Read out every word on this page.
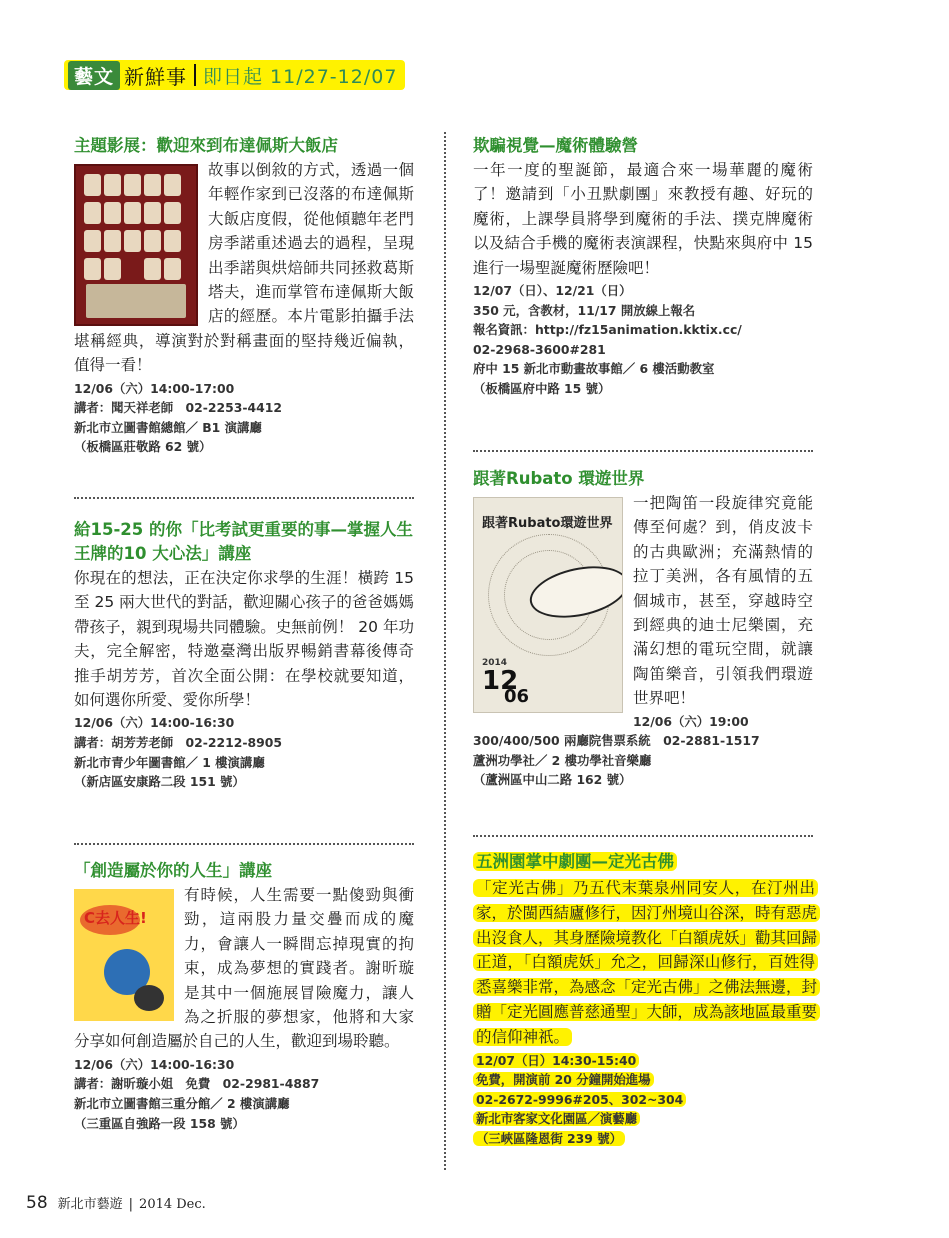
藝文 新鮮事 即日起 11/27-12/07
主題影展：歡迎來到布達佩斯大飯店

故事以倒敘的方式，透過一個年輕作家到已沒落的布達佩斯大飯店度假，從他傾聽年老門房季諾重述過去的過程，呈現出季諾與烘焙師共同拯救葛斯塔夫，進而掌管布達佩斯大飯店的經歷。本片電影拍攝手法堪稱經典，導演對於對稱畫面的堅持幾近偏執，值得一看！

12/06（六）14:00-17:00
講者：聞天祥老師　02-2253-4412
新北市立圖書館總館／ B1 演講廳
（板橋區莊敬路 62 號）
給15-25 的你「比考試更重要的事—掌握人生王牌的10 大心法」講座

你現在的想法，正在決定你求學的生涯！橫跨 15 至 25 兩大世代的對話，歡迎關心孩子的爸爸媽媽帶孩子，親到現場共同體驗。史無前例！ 20 年功夫，完全解密，特邀臺灣出版界暢銷書幕後傳奇推手胡芳芳，首次全面公開：在學校就要知道，如何選你所愛、愛你所學！

12/06（六）14:00-16:30
講者：胡芳芳老師　02-2212-8905
新北市青少年圖書館／ 1 樓演講廳
（新店區安康路二段 151 號）
「創造屬於你的人生」講座
C去人生!

有時候，人生需要一點傻勁與衝勁，這兩股力量交疊而成的魔力，會讓人一瞬間忘掉現實的拘束，成為夢想的實踐者。謝昕璇是其中一個施展冒險魔力，讓人為之折服的夢想家，他將和大家分享如何創造屬於自己的人生，歡迎到場聆聽。

12/06（六）14:00-16:30
講者：謝昕璇小姐　免費　02-2981-4887
新北市立圖書館三重分館／ 2 樓演講廳
（三重區自強路一段 158 號）
欺騙視覺—魔術體驗營

一年一度的聖誕節，最適合來一場華麗的魔術了！邀請到「小丑默劇團」來教授有趣、好玩的魔術，上課學員將學到魔術的手法、撲克牌魔術以及結合手機的魔術表演課程，快點來與府中 15 進行一場聖誕魔術歷險吧！

12/07（日）、12/21（日）
350 元，含教材，11/17 開放線上報名
報名資訊：http://fz15animation.kktix.cc/
02-2968-3600#281
府中 15 新北市動畫故事館／ 6 樓活動教室
（板橋區府中路 15 號）
跟著Rubato 環遊世界
跟著Rubato環遊世界
2014
12
06

一把陶笛一段旋律究竟能傳至何處？到，俏皮波卡的古典歐洲；充滿熱情的拉丁美洲，各有風情的五個城市，甚至，穿越時空到經典的迪士尼樂園，充滿幻想的電玩空間，就讓陶笛樂音，引領我們環遊世界吧！

12/06（六）19:00
300/400/500 兩廳院售票系統　02-2881-1517
蘆洲功學社／ 2 樓功學社音樂廳
（蘆洲區中山二路 162 號）
五洲園掌中劇團—定光古佛

「定光古佛」乃五代末葉泉州同安人，在汀州出家，於閩西結廬修行，因汀州境山谷深，時有惡虎出沒食人，其身歷險境教化「白額虎妖」勸其回歸正道，「白額虎妖」允之，回歸深山修行，百姓得悉喜樂非常，為感念「定光古佛」之佛法無邊，封贈「定光圓應普慈通聖」大師，成為該地區最重要的信仰神祇。

12/07（日）14:30-15:40
免費，開演前 20 分鐘開始進場
02-2672-9996#205、302~304
新北市客家文化園區／演藝廳
（三峽區隆恩街 239 號）
58 新北市藝遊 | 2014 Dec.
